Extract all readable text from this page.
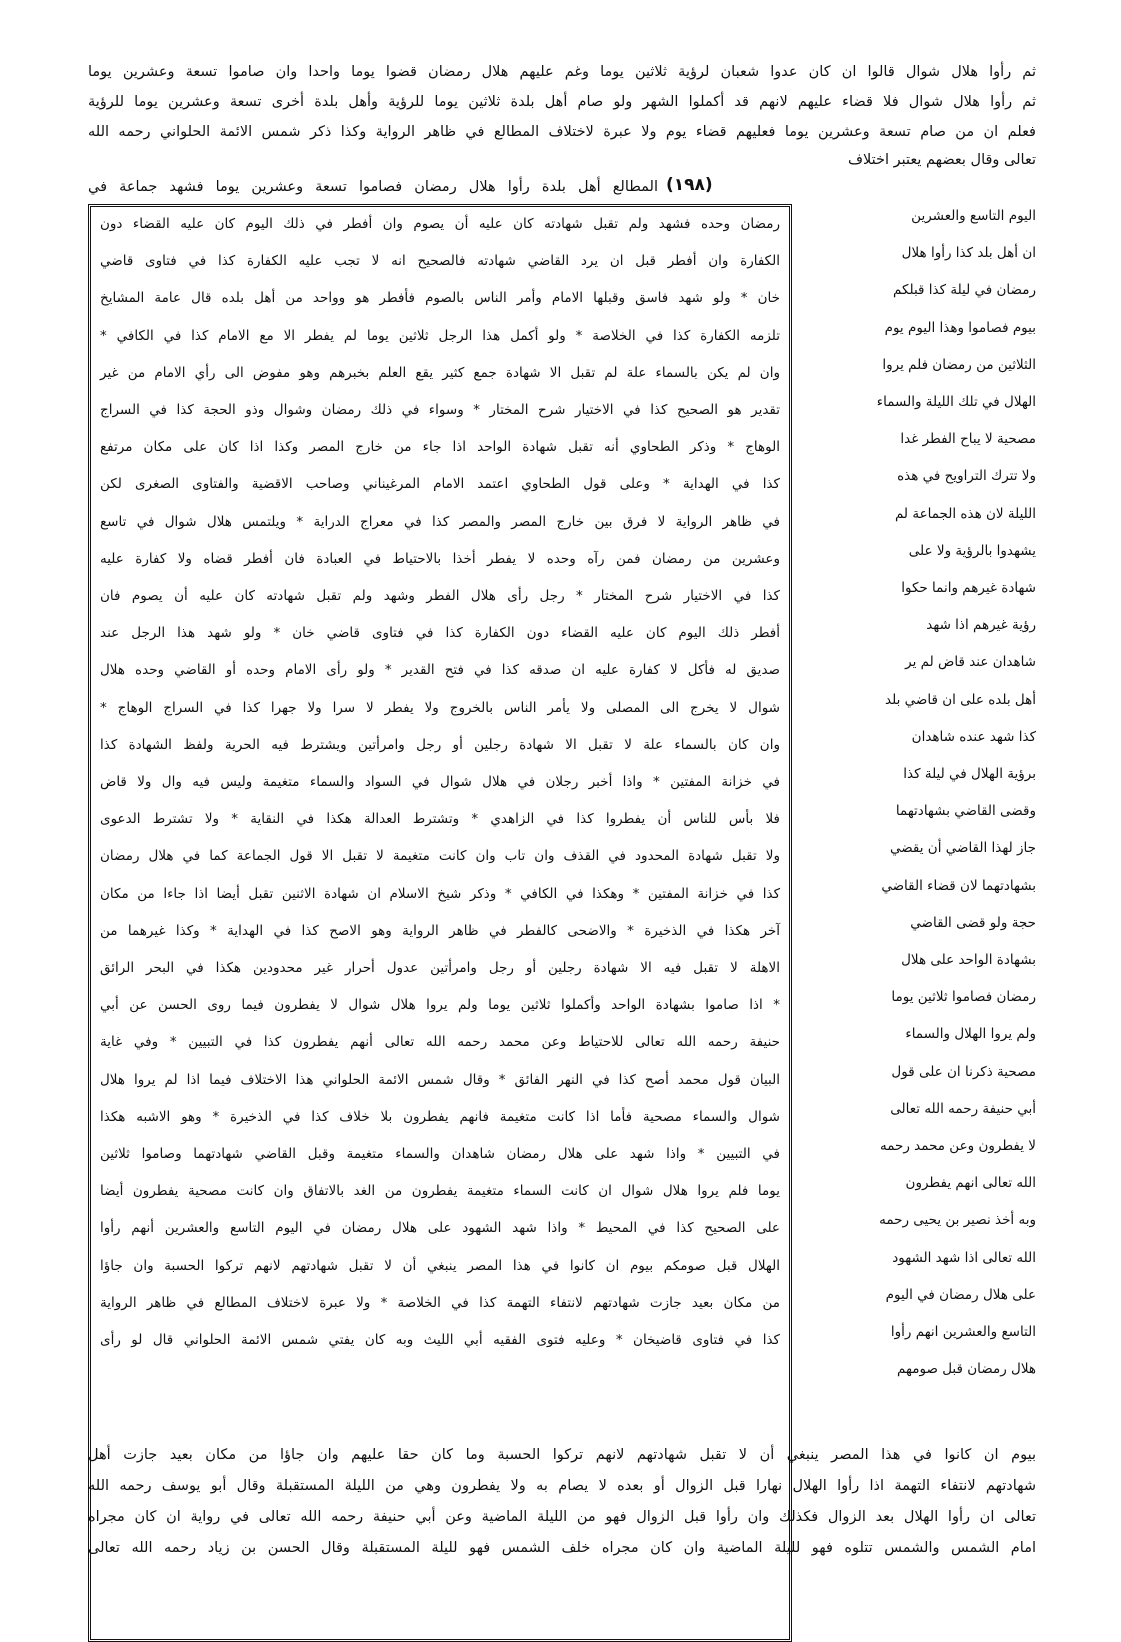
ثم رأوا هلال شوال قالوا ان كان عدوا شعبان لرؤية ثلاثين يوما وغم عليهم هلال رمضان قضوا يوما واحدا وان صاموا تسعة وعشرين يوما
ثم رأوا هلال شوال فلا قضاء عليهم لانهم قد أكملوا الشهر ولو صام أهل بلدة ثلاثين يوما للرؤية وأهل بلدة أخرى تسعة وعشرين يوما للرؤية
فعلم ان من صام تسعة وعشرين يوما فعليهم قضاء يوم ولا عبرة لاختلاف المطالع في ظاهر الرواية وكذا ذكر شمس الائمة الحلواني رحمه الله
تعالى وقال بعضهم يعتبر اختلاف
المطالع أهل بلدة رأوا هلال رمضان فصاموا تسعة وعشرين يوما فشهد جماعة في (١٩٨)
رمضان وحده فشهد ولم تقبل شهادته كان عليه أن يصوم وان أفطر في ذلك اليوم كان عليه القضاء دون
الكفارة وان أفطر قبل ان يرد القاضي شهادته فالصحيح انه لا تجب عليه الكفارة كذا في فتاوى قاضي
خان * ولو شهد فاسق وقبلها الامام وأمر الناس بالصوم فأفطر هو وواحد من أهل بلده قال عامة المشايخ
تلزمه الكفارة كذا في الخلاصة * ولو أكمل هذا الرجل ثلاثين يوما لم يفطر الا مع الامام كذا في الكافي *
وان لم يكن بالسماء علة لم تقبل الا شهادة جمع كثير يقع العلم بخبرهم وهو مفوض الى رأي الامام من غير
تقدير هو الصحيح كذا في الاختيار شرح المختار * وسواء في ذلك رمضان وشوال وذو الحجة كذا في السراج
الوهاج * وذكر الطحاوي أنه تقبل شهادة الواحد اذا جاء من خارج المصر وكذا اذا كان على مكان مرتفع
كذا في الهداية * وعلى قول الطحاوي اعتمد الامام المرغيناني وصاحب الاقضية والفتاوى الصغرى لكن
في ظاهر الرواية لا فرق بين خارج المصر والمصر كذا في معراج الدراية * ويلتمس هلال شوال في تاسع
وعشرين من رمضان فمن رآه وحده لا يفطر أخذا بالاحتياط في العبادة فان أفطر قضاه ولا كفارة عليه
كذا في الاختيار شرح المختار * رجل رأى هلال الفطر وشهد ولم تقبل شهادته كان عليه أن يصوم فان
أفطر ذلك اليوم كان عليه القضاء دون الكفارة كذا في فتاوى قاضي خان * ولو شهد هذا الرجل عند
صديق له فأكل لا كفارة عليه ان صدقه كذا في فتح القدير * ولو رأى الامام وحده أو القاضي وحده هلال
شوال لا يخرج الى المصلى ولا يأمر الناس بالخروج ولا يفطر لا سرا ولا جهرا كذا في السراج الوهاج *
وان كان بالسماء علة لا تقبل الا شهادة رجلين أو رجل وامرأتين ويشترط فيه الحرية ولفظ الشهادة كذا
في خزانة المفتين * واذا أخبر رجلان في هلال شوال في السواد والسماء متغيمة وليس فيه وال ولا قاض
فلا بأس للناس أن يفطروا كذا في الزاهدي * وتشترط العدالة هكذا في النقاية * ولا تشترط الدعوى
ولا تقبل شهادة المحدود في القذف وان تاب وان كانت متغيمة لا تقبل الا قول الجماعة كما في هلال رمضان
كذا في خزانة المفتين * وهكذا في الكافي * وذكر شيخ الاسلام ان شهادة الاثنين تقبل أيضا اذا جاءا من مكان
آخر هكذا في الذخيرة * والاضحى كالفطر في ظاهر الرواية وهو الاصح كذا في الهداية * وكذا غيرهما من
الاهلة لا تقبل فيه الا شهادة رجلين أو رجل وامرأتين عدول أحرار غير محدودين هكذا في البحر الرائق
* اذا صاموا بشهادة الواحد وأكملوا ثلاثين يوما ولم يروا هلال شوال لا يفطرون فيما روى الحسن عن أبي
حنيفة رحمه الله تعالى للاحتياط وعن محمد رحمه الله تعالى أنهم يفطرون كذا في التبيين * وفي غاية
البيان قول محمد أصح كذا في النهر الفائق * وقال شمس الائمة الحلواني هذا الاختلاف فيما اذا لم يروا هلال
شوال والسماء مصحية فأما اذا كانت متغيمة فانهم يفطرون بلا خلاف كذا في الذخيرة * وهو الاشبه هكذا
في التبيين * واذا شهد على هلال رمضان شاهدان والسماء متغيمة وقبل القاضي شهادتهما وصاموا ثلاثين
يوما فلم يروا هلال شوال ان كانت السماء متغيمة يفطرون من الغد بالاتفاق وان كانت مصحية يفطرون أيضا
على الصحيح كذا في المحيط * واذا شهد الشهود على هلال رمضان في اليوم التاسع والعشرين أنهم رأوا
الهلال قبل صومكم بيوم ان كانوا في هذا المصر ينبغي أن لا تقبل شهادتهم لانهم تركوا الحسبة وان جاؤا
من مكان بعيد جازت شهادتهم لانتفاء التهمة كذا في الخلاصة * ولا عبرة لاختلاف المطالع في ظاهر الرواية
كذا في فتاوى قاضيخان * وعليه فتوى الفقيه أبي الليث وبه كان يفتي شمس الائمة الحلواني قال لو رأى
اليوم التاسع والعشرين
ان أهل بلد كذا رأوا هلال
رمضان في ليلة كذا قبلكم
بيوم فصاموا وهذا اليوم يوم
الثلاثين من رمضان فلم يروا
الهلال في تلك الليلة والسماء
مصحية لا يباح الفطر غدا
ولا تترك التراويح في هذه
الليلة لان هذه الجماعة لم
يشهدوا بالرؤية ولا على
شهادة غيرهم وانما حكوا
رؤية غيرهم اذا شهد
شاهدان عند قاض لم ير
أهل بلده على ان قاضي بلد
كذا شهد عنده شاهدان
برؤية الهلال في ليلة كذا
وقضى القاضي بشهادتهما
جاز لهذا القاضي أن يقضي
بشهادتهما لان قضاء القاضي
حجة ولو قضى القاضي
بشهادة الواحد على هلال
رمضان فصاموا ثلاثين يوما
ولم يروا الهلال والسماء
مصحية ذكرنا ان على قول
أبي حنيفة رحمه الله تعالى
لا يفطرون وعن محمد رحمه
الله تعالى انهم يفطرون
وبه أخذ نصير بن يحيى رحمه
الله تعالى اذا شهد الشهود
على هلال رمضان في اليوم
التاسع والعشرين انهم رأوا
هلال رمضان قبل صومهم
بيوم ان كانوا في هذا المصر ينبغي أن لا تقبل شهادتهم لانهم تركوا الحسبة وما كان حقا عليهم وان جاؤا من مكان بعيد جازت أهل
شهادتهم لانتفاء التهمة اذا رأوا الهلال نهارا قبل الزوال أو بعده لا يصام به ولا يفطرون وهي من الليلة المستقبلة وقال أبو يوسف رحمه الله
تعالى ان رأوا الهلال بعد الزوال فكذلك وان رأوا قبل الزوال فهو من الليلة الماضية وعن أبي حنيفة رحمه الله تعالى في رواية ان كان مجراه
امام الشمس والشمس تتلوه فهو لليلة الماضية وان كان مجراه خلف الشمس فهو لليلة المستقبلة وقال الحسن بن زياد رحمه الله تعالى
